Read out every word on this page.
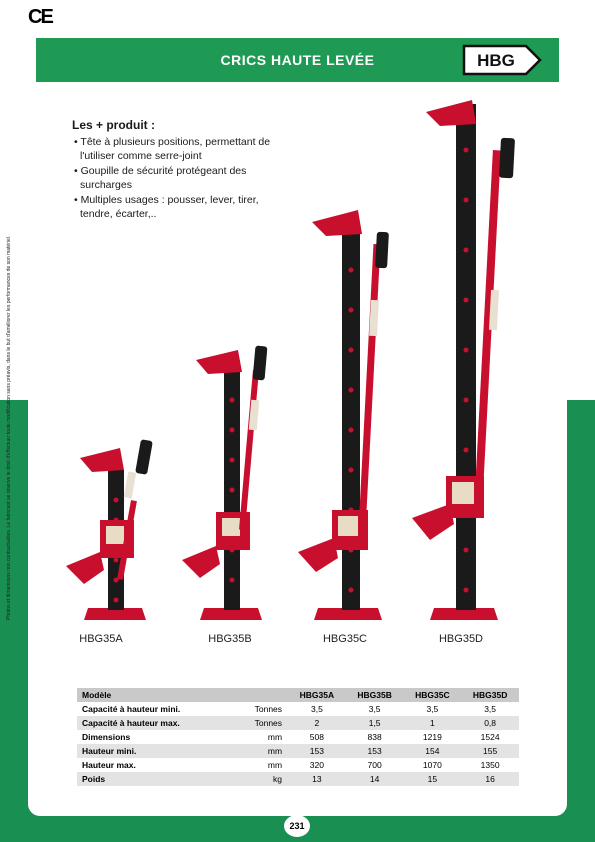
CE
Photos et dimensions non contractuelles. Le fabricant se réserve le droit d'effectuer toute modification sans préavis, dans le but d'améliorer les performances de son matériel.
CRICS HAUTE LEVÉE	HBG
Les + produit :
• Tête à plusieurs positions, permettant de l'utiliser comme serre-joint
• Goupille de sécurité protégeant des surcharges
• Multiples usages : pousser, lever, tirer, tendre, écarter,..
HBG35A	HBG35B	HBG35C	HBG35D
Modèle		HBG35A	HBG35B	HBG35C	HBG35D
Capacité à hauteur mini.	Tonnes	3,5	3,5	3,5	3,5
Capacité à hauteur max.	Tonnes	2	1,5	1	0,8
Dimensions	mm	508	838	1219	1524
Hauteur mini.	mm	153	153	154	155
Hauteur max.	mm	320	700	1070	1350
Poids	kg	13	14	15	16
231
